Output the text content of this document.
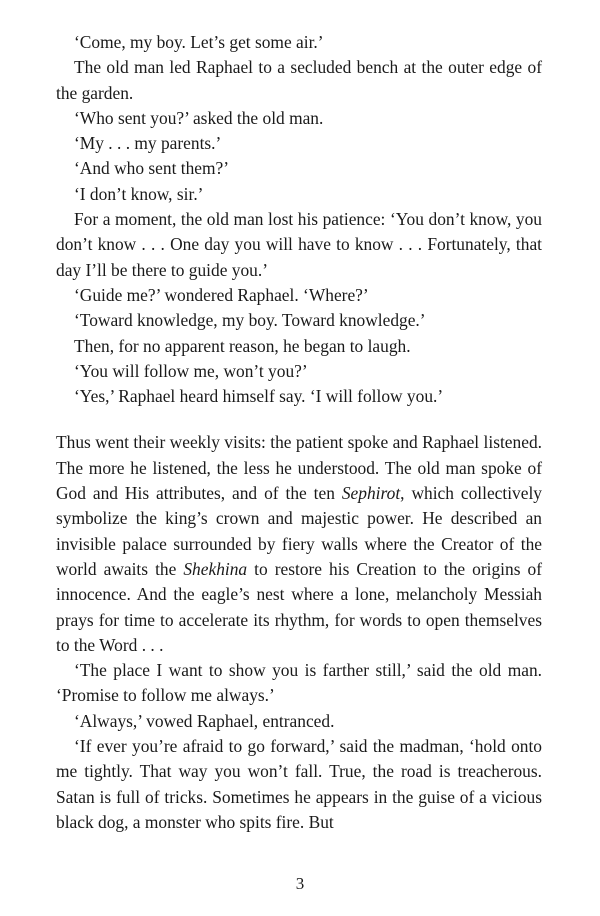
‘Come, my boy. Let’s get some air.’

The old man led Raphael to a secluded bench at the outer edge of the garden.

‘Who sent you?’ asked the old man.

‘My . . . my parents.’

‘And who sent them?’

‘I don’t know, sir.’

For a moment, the old man lost his patience: ‘You don’t know, you don’t know . . . One day you will have to know . . . Fortunately, that day I’ll be there to guide you.’

‘Guide me?’ wondered Raphael. ‘Where?’

‘Toward knowledge, my boy. Toward knowledge.’

Then, for no apparent reason, he began to laugh.

‘You will follow me, won’t you?’

‘Yes,’ Raphael heard himself say. ‘I will follow you.’

Thus went their weekly visits: the patient spoke and Raphael listened. The more he listened, the less he understood. The old man spoke of God and His attributes, and of the ten Sephirot, which collectively symbolize the king’s crown and majestic power. He described an invisible palace surrounded by fiery walls where the Creator of the world awaits the Shekhina to restore his Creation to the origins of innocence. And the eagle’s nest where a lone, melancholy Messiah prays for time to accelerate its rhythm, for words to open themselves to the Word . . .

‘The place I want to show you is farther still,’ said the old man. ‘Promise to follow me always.’

‘Always,’ vowed Raphael, entranced.

‘If ever you’re afraid to go forward,’ said the madman, ‘hold onto me tightly. That way you won’t fall. True, the road is treacherous. Satan is full of tricks. Sometimes he appears in the guise of a vicious black dog, a monster who spits fire. But

3
